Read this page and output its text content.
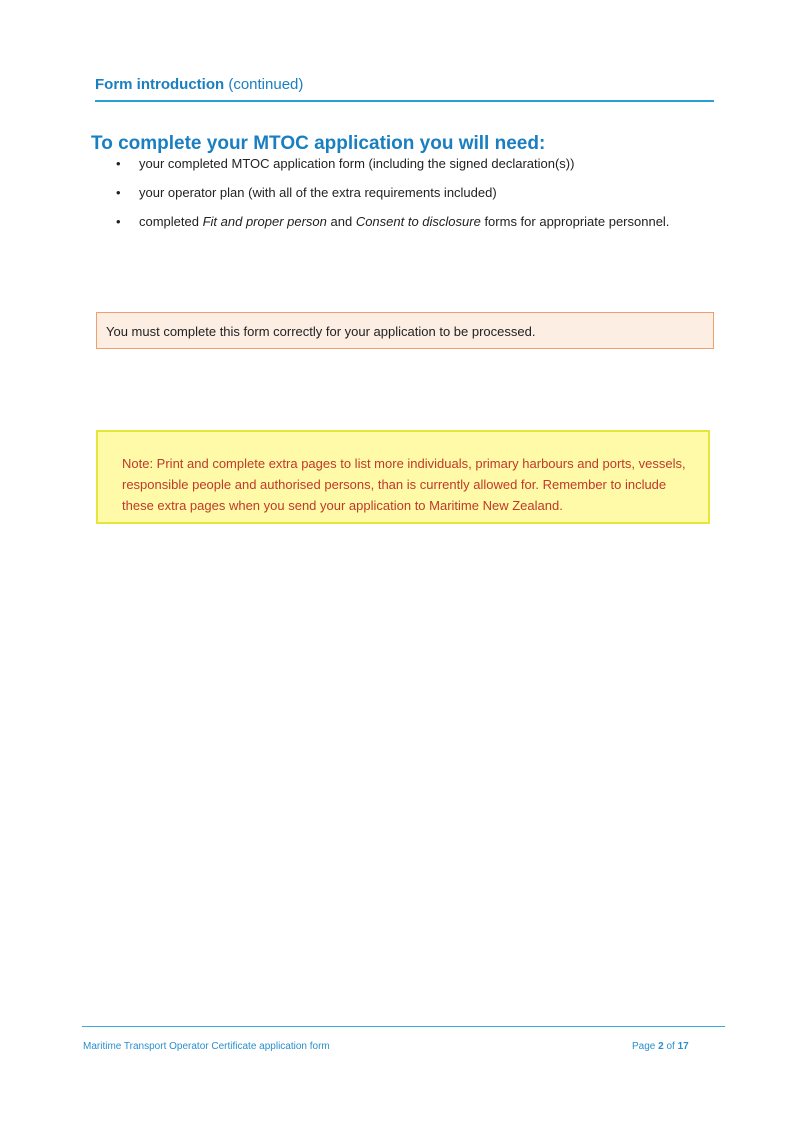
Form introduction (continued)
To complete your MTOC application you will need:
• your completed MTOC application form (including the signed declaration(s))
• your operator plan (with all of the extra requirements included)
• completed Fit and proper person and Consent to disclosure forms for appropriate personnel.
You must complete this form correctly for your application to be processed.
Note: Print and complete extra pages to list more individuals, primary harbours and ports, vessels, responsible people and authorised persons, than is currently allowed for. Remember to include these extra pages when you send your application to Maritime New Zealand.
Maritime Transport Operator Certificate application form	Page 2 of 17
